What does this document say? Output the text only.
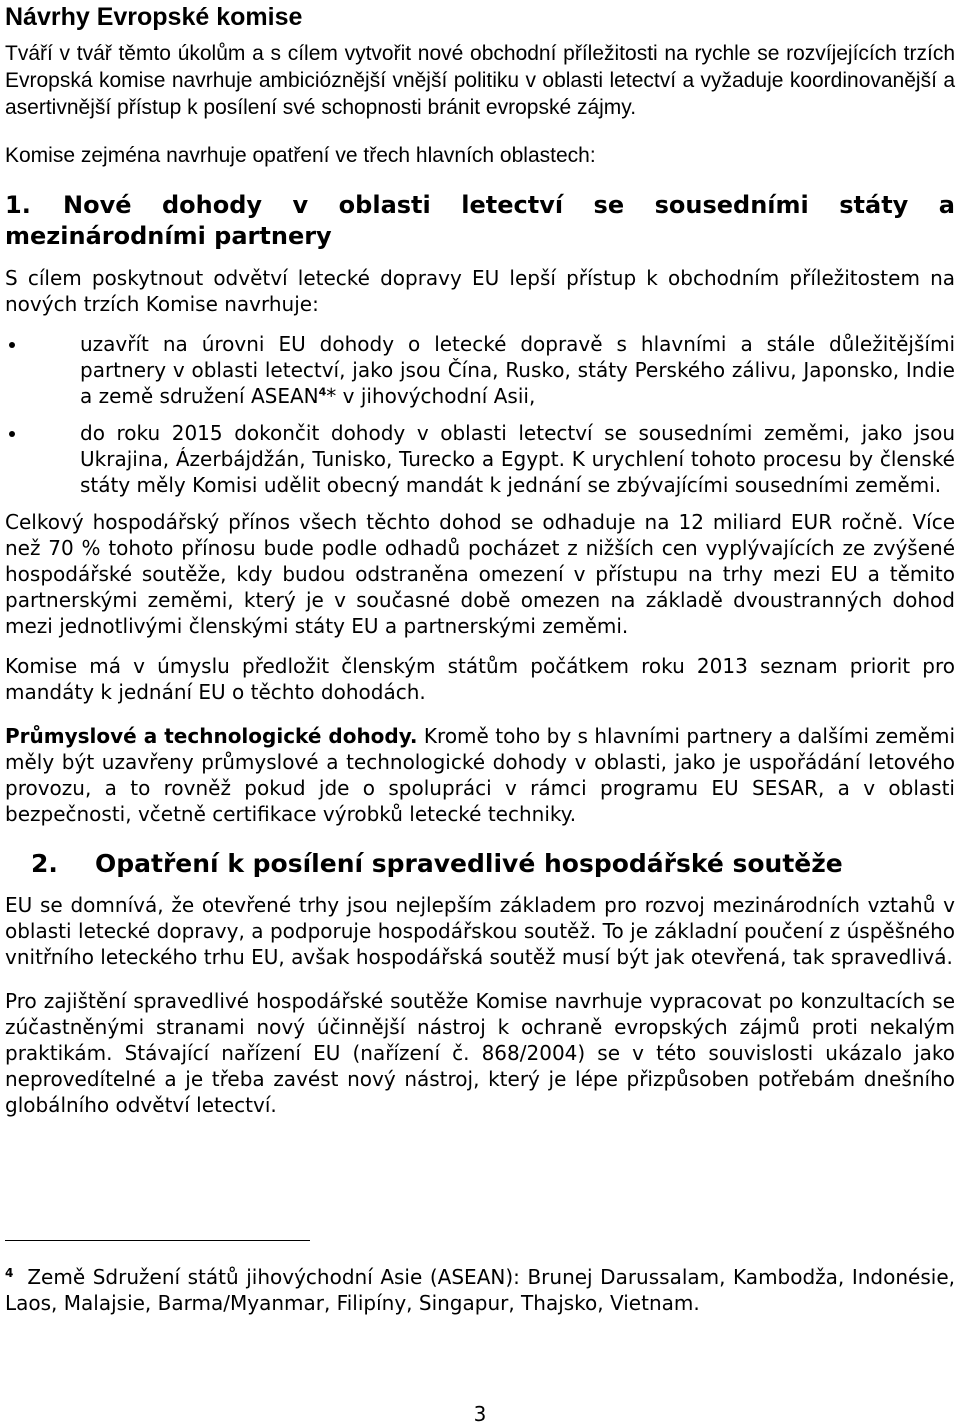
Návrhy Evropské komise

Tváří v tvář těmto úkolům a s cílem vytvořit nové obchodní příležitosti na rychle se rozvíjejících trzích Evropská komise navrhuje ambicióznější vnější politiku v oblasti letectví a vyžaduje koordinovanější a asertivnější přístup k posílení své schopnosti bránit evropské zájmy.

Komise zejména navrhuje opatření ve třech hlavních oblastech:

1. Nové dohody v oblasti letectví se sousedními státy a mezinárodními partnery

S cílem poskytnout odvětví letecké dopravy EU lepší přístup k obchodním příležitostem na nových trzích Komise navrhuje:

uzavřít na úrovni EU dohody o letecké dopravě s hlavními a stále důležitějšími partnery v oblasti letectví, jako jsou Čína, Rusko, státy Perského zálivu, Japonsko, Indie a země sdružení ASEAN$^4$* v jihovýchodní Asii,
do roku 2015 dokončit dohody v oblasti letectví se sousedními zeměmi, jako jsou Ukrajina, Ázerbájdžán, Tunisko, Turecko a Egypt. K urychlení tohoto procesu by členské státy měly Komisi udělit obecný mandát k jednání se zbývajícími sousedními zeměmi.

Celkový hospodářský přínos všech těchto dohod se odhaduje na 12 miliard EUR ročně. Více než 70 % tohoto přínosu bude podle odhadů pocházet z nižších cen vyplývajících ze zvýšené hospodářské soutěže, kdy budou odstraněna omezení v přístupu na trhy mezi EU a těmito partnerskými zeměmi, který je v současné době omezen na základě dvoustranných dohod mezi jednotlivými členskými státy EU a partnerskými zeměmi.

Komise má v úmyslu předložit členským státům počátkem roku 2013 seznam priorit pro mandáty k jednání EU o těchto dohodách.

Průmyslové a technologické dohody. Kromě toho by s hlavními partnery a dalšími zeměmi měly být uzavřeny průmyslové a technologické dohody v oblasti, jako je uspořádání letového provozu, a to rovněž pokud jde o spolupráci v rámci programu EU SESAR, a v oblasti bezpečnosti, včetně certifikace výrobků letecké techniky.

2. Opatření k posílení spravedlivé hospodářské soutěže

EU se domnívá, že otevřené trhy jsou nejlepším základem pro rozvoj mezinárodních vztahů v oblasti letecké dopravy, a podporuje hospodářskou soutěž. To je základní poučení z úspěšného vnitřního leteckého trhu EU, avšak hospodářská soutěž musí být jak otevřená, tak spravedlivá.

Pro zajištění spravedlivé hospodářské soutěže Komise navrhuje vypracovat po konzultacích se zúčastněnými stranami nový účinnější nástroj k ochraně evropských zájmů proti nekalým praktikám. Stávající nařízení EU (nařízení č. 868/2004) se v této souvislosti ukázalo jako neprovedítelné a je třeba zavést nový nástroj, který je lépe přizpůsoben potřebám dnešního globálního odvětví letectví.

$^4$ Země Sdružení států jihovýchodní Asie (ASEAN): Brunej Darussalam, Kambodža, Indonésie, Laos, Malajsie, Barma/Myanmar, Filipíny, Singapur, Thajsko, Vietnam.
3
